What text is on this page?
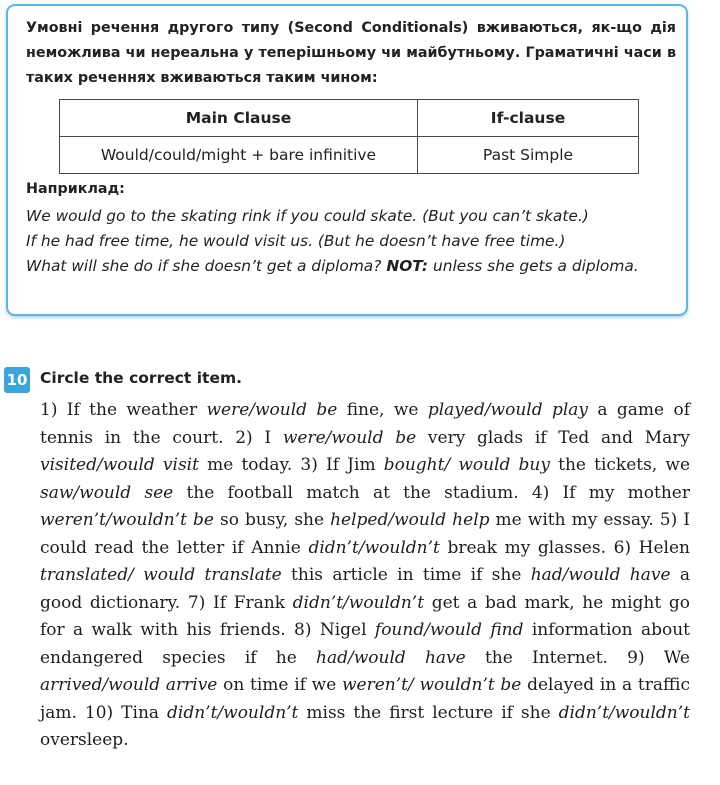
Умовні речення другого типу (Second Conditionals) вживаються, як-що дія неможлива чи нереальна у теперішньому чи майбутньому. Граматичні часи в таких реченнях вживаються таким чином:

Main Clause	If-clause
Would/could/might + bare infinitive	Past Simple

Наприклад:

We would go to the skating rink if you could skate. (But you can’t skate.)
If he had free time, he would visit us. (But he doesn’t have free time.)
What will she do if she doesn’t get a diploma? NOT: unless she gets a diploma.

10 Circle the correct item.

1) If the weather were/would be fine, we played/would play a game of tennis in the court. 2) I were/would be very glads if Ted and Mary visited/would visit me today. 3) If Jim bought/ would buy the tickets, we saw/would see the football match at the stadium. 4) If my mother weren’t/wouldn’t be so busy, she helped/would help me with my essay. 5) I could read the letter if Annie didn’t/wouldn’t break my glasses. 6) Helen translated/ would translate this article in time if she had/would have a good dictionary. 7) If Frank didn’t/wouldn’t get a bad mark, he might go for a walk with his friends. 8) Nigel found/would find information about endangered species if he had/would have the Internet. 9) We arrived/would arrive on time if we weren’t/ wouldn’t be delayed in a traffic jam. 10) Tina didn’t/wouldn’t miss the first lecture if she didn’t/wouldn’t oversleep.
